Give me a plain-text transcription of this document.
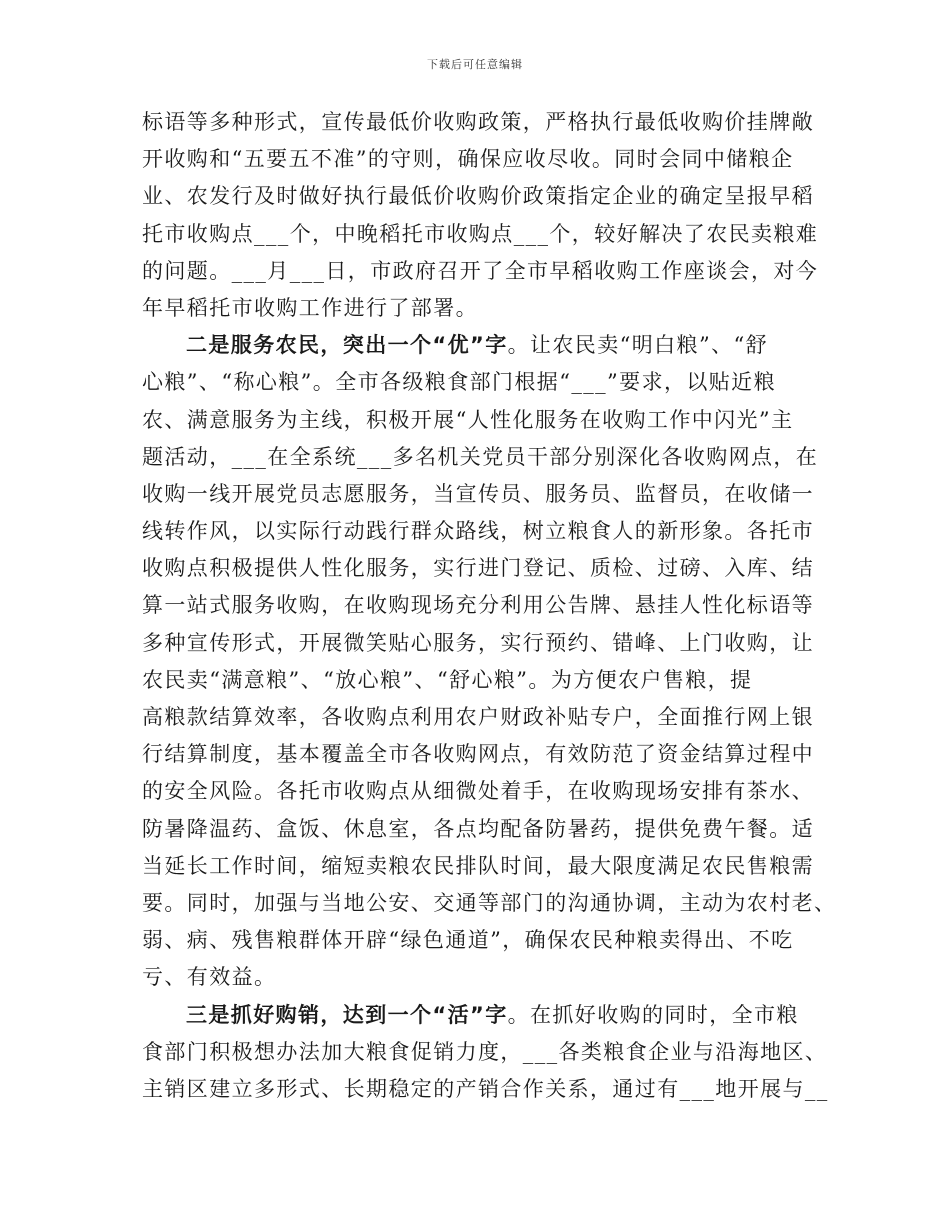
下载后可任意编辑
标语等多种形式，宣传最低价收购政策，严格执行最低收购价挂牌敞
开收购和“五要五不准”的守则，确保应收尽收。同时会同中储粮企
业、农发行及时做好执行最低价收购价政策指定企业的确定呈报早稻
托市收购点___个，中晚稻托市收购点___个，较好解决了农民卖粮难
的问题。___月___日，市政府召开了全市早稻收购工作座谈会，对今
年早稻托市收购工作进行了部署。
二是服务农民，突出一个“优”字。让农民卖“明白粮”、“舒
心粮”、“称心粮”。全市各级粮食部门根据“___”要求，以贴近粮
农、满意服务为主线，积极开展“人性化服务在收购工作中闪光”主
题活动，___在全系统___多名机关党员干部分别深化各收购网点，在
收购一线开展党员志愿服务，当宣传员、服务员、监督员，在收储一
线转作风，以实际行动践行群众路线，树立粮食人的新形象。各托市
收购点积极提供人性化服务，实行进门登记、质检、过磅、入库、结
算一站式服务收购，在收购现场充分利用公告牌、悬挂人性化标语等
多种宣传形式，开展微笑贴心服务，实行预约、错峰、上门收购，让
农民卖“满意粮”、“放心粮”、“舒心粮”。为方便农户售粮，提
高粮款结算效率，各收购点利用农户财政补贴专户，全面推行网上银
行结算制度，基本覆盖全市各收购网点，有效防范了资金结算过程中
的安全风险。各托市收购点从细微处着手，在收购现场安排有茶水、
防暑降温药、盒饭、休息室，各点均配备防暑药，提供免费午餐。适
当延长工作时间，缩短卖粮农民排队时间，最大限度满足农民售粮需
要。同时，加强与当地公安、交通等部门的沟通协调，主动为农村老、
弱、病、残售粮群体开辟“绿色通道”，确保农民种粮卖得出、不吃
亏、有效益。
三是抓好购销，达到一个“活”字。在抓好收购的同时，全市粮
食部门积极想办法加大粮食促销力度，___各类粮食企业与沿海地区、
主销区建立多形式、长期稳定的产销合作关系，通过有___地开展与__
